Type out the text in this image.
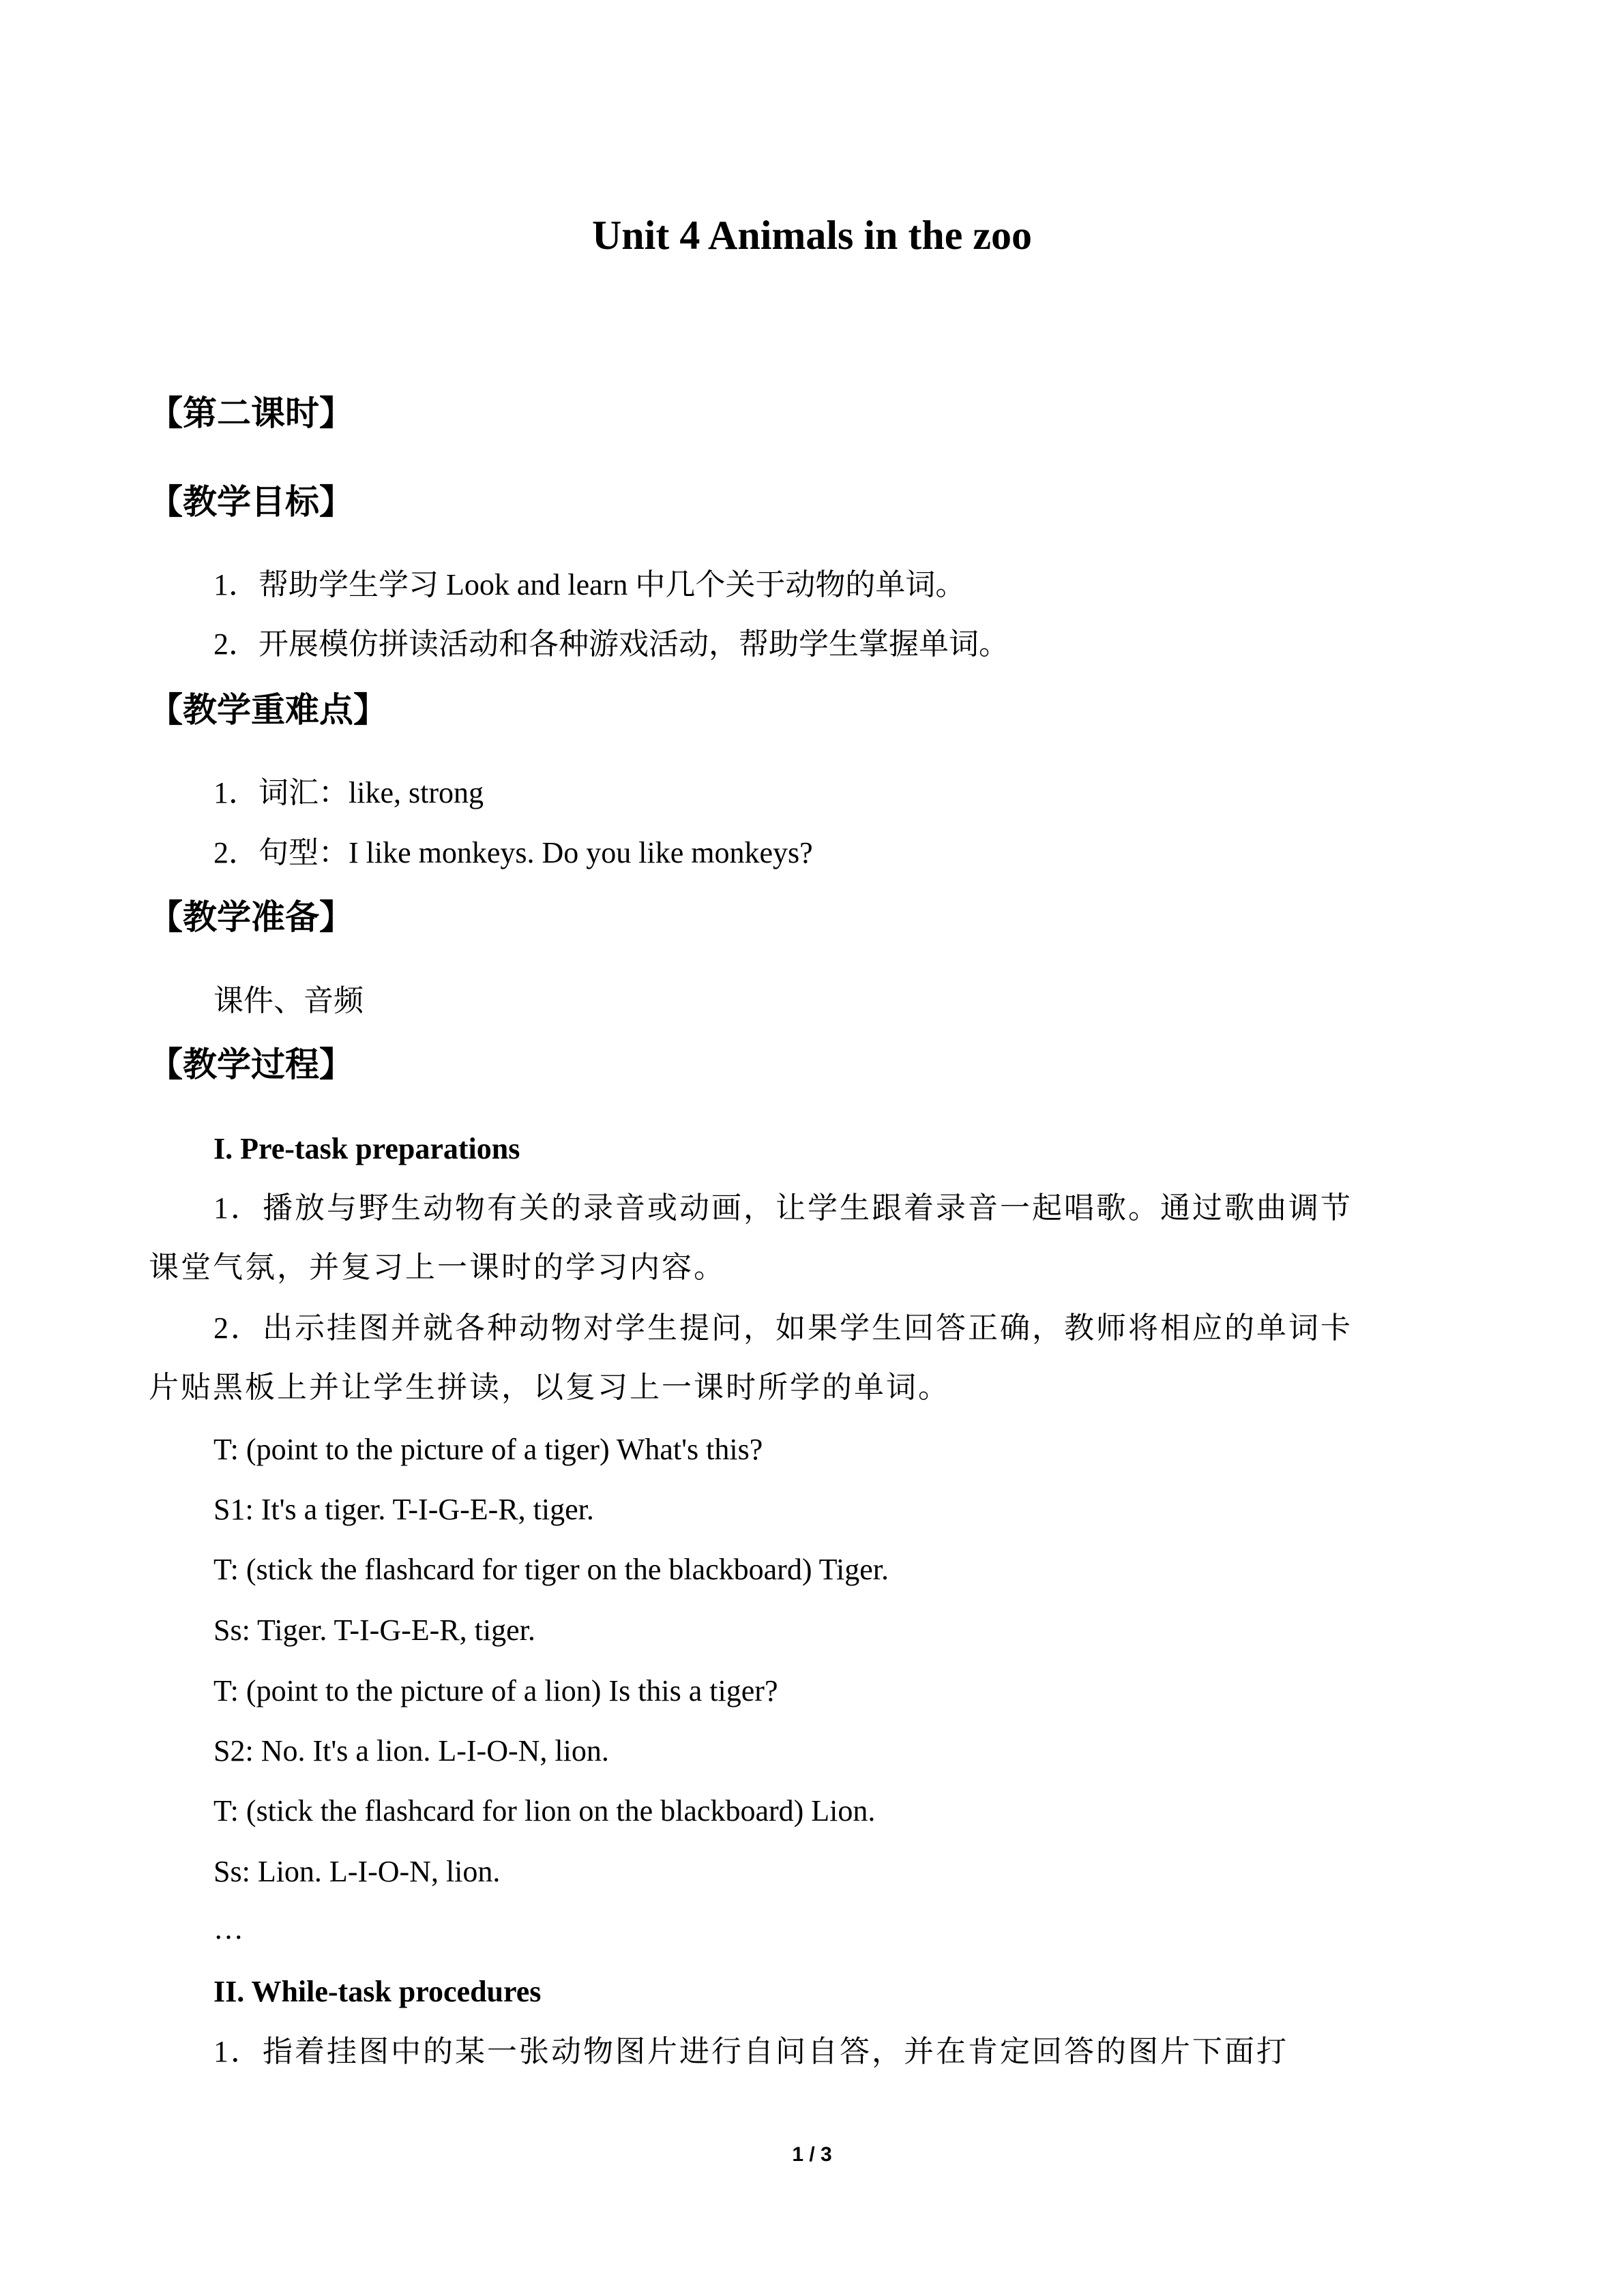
Unit 4 Animals in the zoo
【第二课时】
【教学目标】
1．帮助学生学习 Look and learn 中几个关于动物的单词。
2．开展模仿拼读活动和各种游戏活动，帮助学生掌握单词。
【教学重难点】
1．词汇：like, strong
2．句型：I like monkeys. Do you like monkeys?
【教学准备】
课件、音频
【教学过程】
I. Pre-task preparations
1．播放与野生动物有关的录音或动画，让学生跟着录音一起唱歌。通过歌曲调节
课堂气氛，并复习上一课时的学习内容。
2．出示挂图并就各种动物对学生提问，如果学生回答正确，教师将相应的单词卡
片贴黑板上并让学生拼读，以复习上一课时所学的单词。
T: (point to the picture of a tiger) What's this?
S1: It's a tiger. T-I-G-E-R, tiger.
T: (stick the flashcard for tiger on the blackboard) Tiger.
Ss: Tiger. T-I-G-E-R, tiger.
T: (point to the picture of a lion) Is this a tiger?
S2: No. It's a lion. L-I-O-N, lion.
T: (stick the flashcard for lion on the blackboard) Lion.
Ss: Lion. L-I-O-N, lion.
…
II. While-task procedures
1．指着挂图中的某一张动物图片进行自问自答，并在肯定回答的图片下面打
1 / 3
